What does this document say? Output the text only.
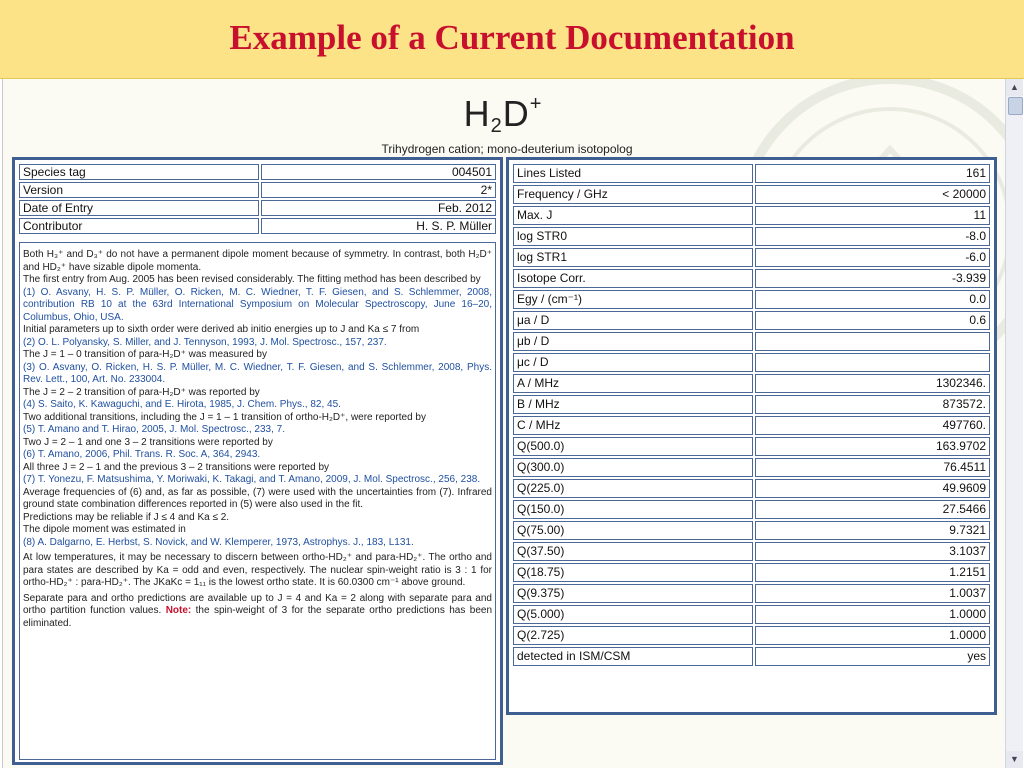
Example of a Current Documentation
$H_2D^+$
Trihydrogen cation; mono-deuterium isotopolog
Species tag	004501
Version	2*
Date of Entry	Feb. 2012
Contributor	H. S. P. Müller

Both H₃⁺ and D₃⁺ do not have a permanent dipole moment because of symmetry. In contrast, both H₂D⁺ and HD₂⁺ have sizable dipole momenta.

The first entry from Aug. 2005 has been revised considerably. The fitting method has been described by

(1) O. Asvany, H. S. P. Müller, O. Ricken, M. C. Wiedner, T. F. Giesen, and S. Schlemmer, 2008, contribution RB 10 at the 63rd International Symposium on Molecular Spectroscopy, June 16–20, Columbus, Ohio, USA.

Initial parameters up to sixth order were derived ab initio energies up to J and Ka ≤ 7 from

(2) O. L. Polyansky, S. Miller, and J. Tennyson, 1993, J. Mol. Spectrosc., 157, 237.

The J = 1 – 0 transition of para-H₂D⁺ was measured by

(3) O. Asvany, O. Ricken, H. S. P. Müller, M. C. Wiedner, T. F. Giesen, and S. Schlemmer, 2008, Phys. Rev. Lett., 100, Art. No. 233004.

The J = 2 – 2 transition of para-H₂D⁺ was reported by

(4) S. Saito, K. Kawaguchi, and E. Hirota, 1985, J. Chem. Phys., 82, 45.

Two additional transitions, including the J = 1 – 1 transition of ortho-H₂D⁺, were reported by

(5) T. Amano and T. Hirao, 2005, J. Mol. Spectrosc., 233, 7.

Two J = 2 – 1 and one 3 – 2 transitions were reported by

(6) T. Amano, 2006, Phil. Trans. R. Soc. A, 364, 2943.

All three J = 2 – 1 and the previous 3 – 2 transitions were reported by

(7) T. Yonezu, F. Matsushima, Y. Moriwaki, K. Takagi, and T. Amano, 2009, J. Mol. Spectrosc., 256, 238.

Average frequencies of (6) and, as far as possible, (7) were used with the uncertainties from (7). Infrared ground state combination differences reported in (5) were also used in the fit.

Predictions may be reliable if J ≤ 4 and Ka ≤ 2.

The dipole moment was estimated in

(8) A. Dalgarno, E. Herbst, S. Novick, and W. Klemperer, 1973, Astrophys. J., 183, L131.

At low temperatures, it may be necessary to discern between ortho-HD₂⁺ and para-HD₂⁺. The ortho and para states are described by Ka = odd and even, respectively. The nuclear spin-weight ratio is 3 : 1 for ortho-HD₂⁺ : para-HD₂⁺. The JKaKc = 1₁₁ is the lowest ortho state. It is 60.0300 cm⁻¹ above ground.

Separate para and ortho predictions are available up to J = 4 and Ka = 2 along with separate para and ortho partition function values. Note: the spin-weight of 3 for the separate ortho predictions has been eliminated.

Lines Listed	161
Frequency / GHz	< 20000
Max. J	11
log STR0	-8.0
log STR1	-6.0
Isotope Corr.	-3.939
Egy / (cm⁻¹)	0.0
μa / D	0.6
μb / D	
μc / D	
A / MHz	1302346.
B / MHz	873572.
C / MHz	497760.
Q(500.0)	163.9702
Q(300.0)	76.4511
Q(225.0)	49.9609
Q(150.0)	27.5466
Q(75.00)	9.7321
Q(37.50)	3.1037
Q(18.75)	1.2151
Q(9.375)	1.0037
Q(5.000)	1.0000
Q(2.725)	1.0000
detected in ISM/CSM	yes
▲
▼
